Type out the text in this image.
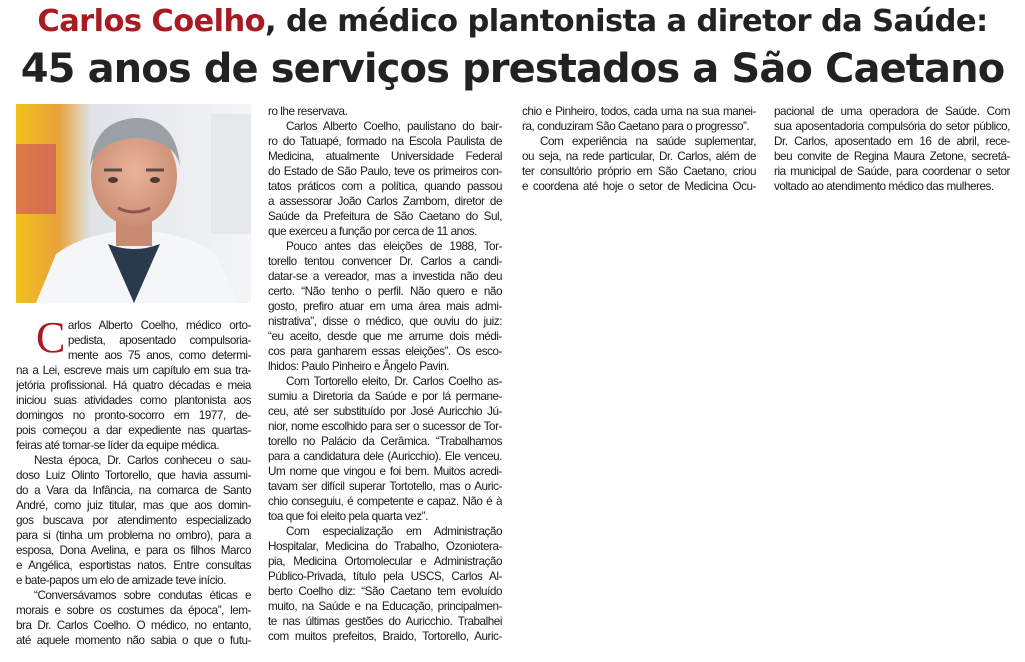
Carlos Coelho, de médico plantonista a diretor da Saúde:
45 anos de serviços prestados a São Caetano
C arlos Alberto Coelho, médico orto-
pedista, aposentado compulsoria-
mente aos 75 anos, como determi-
na a Lei, escreve mais um capítulo em sua tra-
jetória profissional. Há quatro décadas e meia
iniciou suas atividades como plantonista aos
domingos no pronto-socorro em 1977, de-
pois começou a dar expediente nas quartas-
feiras até tornar-se líder da equipe médica.
Nesta época, Dr. Carlos conheceu o sau-
doso Luiz Olinto Tortorello, que havia assumi-
do a Vara da Infância, na comarca de Santo
André, como juiz titular, mas que aos domin-
gos buscava por atendimento especializado
para si (tinha um problema no ombro), para a
esposa, Dona Avelina, e para os filhos Marco
e Angélica, esportistas natos. Entre consultas
e bate-papos um elo de amizade teve início.
“Conversávamos sobre condutas éticas e
morais e sobre os costumes da época”, lem-
bra Dr. Carlos Coelho. O médico, no entanto,
até aquele momento não sabia o que o futu-
ro lhe reservava.
Carlos Alberto Coelho, paulistano do bair-
ro do Tatuapé, formado na Escola Paulista de
Medicina, atualmente Universidade Federal
do Estado de São Paulo, teve os primeiros con-
tatos práticos com a política, quando passou
a assessorar João Carlos Zambom, diretor de
Saúde da Prefeitura de São Caetano do Sul,
que exerceu a função por cerca de 11 anos.
Pouco antes das eleições de 1988, Tor-
torello tentou convencer Dr. Carlos a candi-
datar-se a vereador, mas a investida não deu
certo. “Não tenho o perfil. Não quero e não
gosto, prefiro atuar em uma área mais admi-
nistrativa”, disse o médico, que ouviu do juiz:
“eu aceito, desde que me arrume dois médi-
cos para ganharem essas eleições”. Os esco-
lhidos: Paulo Pinheiro e Ângelo Pavin.
Com Tortorello eleito, Dr. Carlos Coelho as-
sumiu a Diretoria da Saúde e por lá permane-
ceu, até ser substituído por José Auricchio Jú-
nior, nome escolhido para ser o sucessor de Tor-
torello no Palácio da Cerâmica. “Trabalhamos
para a candidatura dele (Auricchio). Ele venceu.
Um nome que vingou e foi bem. Muitos acredi-
tavam ser difícil superar Tortotello, mas o Auric-
chio conseguiu, é competente e capaz. Não é à
toa que foi eleito pela quarta vez”.
Com especialização em Administração
Hospitalar, Medicina do Trabalho, Ozonioterа-
pia, Medicina Ortomolecular e Administração
Público-Privada, título pela USCS, Carlos Al-
berto Coelho diz: “São Caetano tem evoluído
muito, na Saúde e na Educação, principalmen-
te nas últimas gestões do Auricchio. Trabalhei
com muitos prefeitos, Braido, Tortorello, Auric-
chio e Pinheiro, todos, cada uma na sua manei-
ra, conduziram São Caetano para o progresso”.
Com experiência na saúde suplementar,
ou seja, na rede particular, Dr. Carlos, além de
ter consultório próprio em São Caetano, criou
e coordena até hoje o setor de Medicina Ocu-
pacional de uma operadora de Saúde. Com
sua aposentadoria compulsória do setor público,
Dr. Carlos, aposentado em 16 de abril, rece-
beu convite de Regina Maura Zetone, secretá-
ria municipal de Saúde, para coordenar o setor
voltado ao atendimento médico das mulheres.
